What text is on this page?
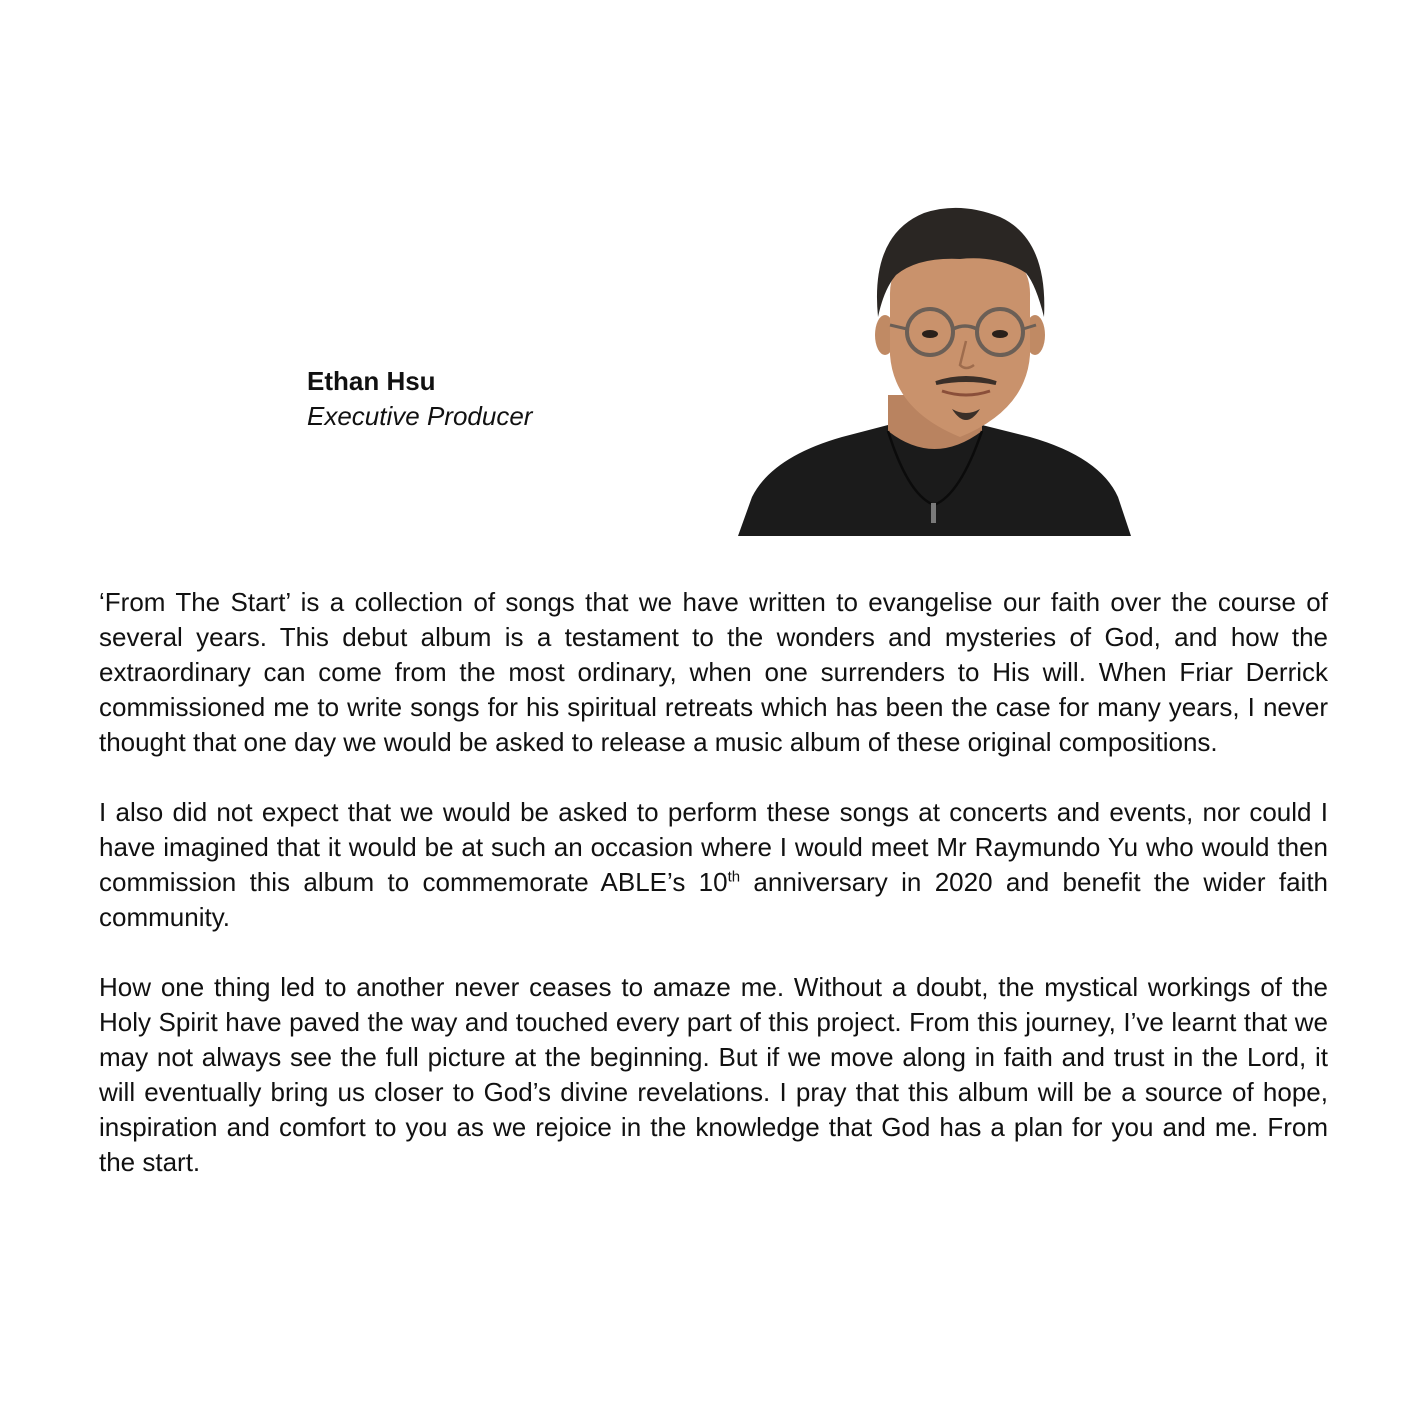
Ethan Hsu
Executive Producer

‘From The Start’ is a collection of songs that we have written to evangelise our faith over the course of several years. This debut album is a testament to the wonders and mysteries of God, and how the extraordinary can come from the most ordinary, when one surrenders to His will. When Friar Derrick commissioned me to write songs for his spiritual retreats which has been the case for many years, I never thought that one day we would be asked to release a music album of these original compositions.

I also did not expect that we would be asked to perform these songs at concerts and events, nor could I have imagined that it would be at such an occasion where I would meet Mr Raymundo Yu who would then commission this album to commemorate ABLE’s 10th anniversary in 2020 and benefit the wider faith community.

How one thing led to another never ceases to amaze me. Without a doubt, the mystical workings of the Holy Spirit have paved the way and touched every part of this project. From this journey, I’ve learnt that we may not always see the full picture at the beginning. But if we move along in faith and trust in the Lord, it will eventually bring us closer to God’s divine revelations. I pray that this album will be a source of hope, inspiration and comfort to you as we rejoice in the knowledge that God has a plan for you and me. From the start.
